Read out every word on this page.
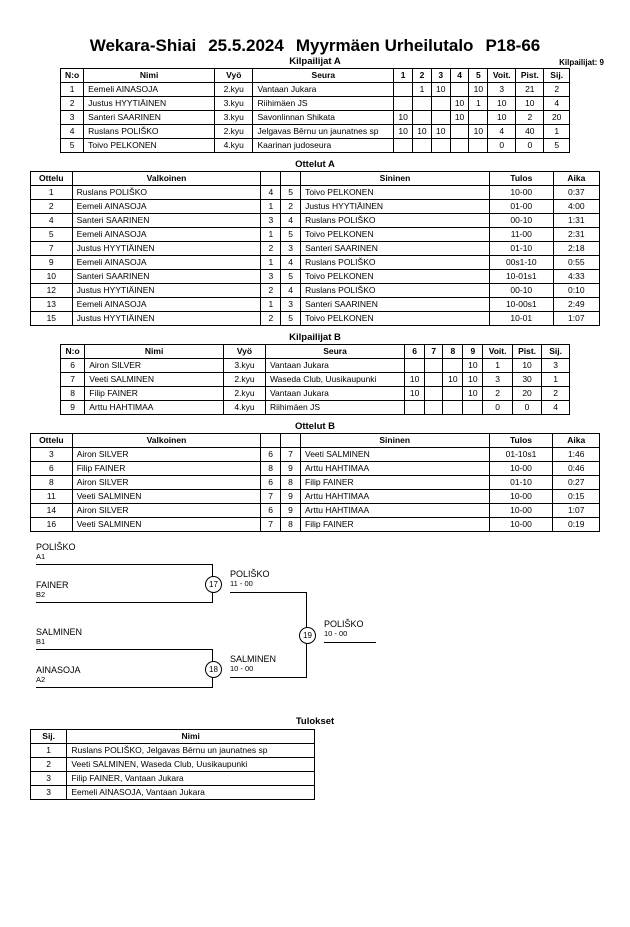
Wekara-Shiai 25.5.2024 Myyrmäen Urheilutalo P18-66
Kilpailijat A	Kilpailijat: 9
N:o	Nimi	Vyö	Seura	1	2	3	4	5	Voit.	Pist.	Sij.
1	Eemeli AINASOJA	2.kyu	Vantaan Jukara		1	10		10	3	21	2
2	Justus HYYTIÄINEN	3.kyu	Riihimäen JS				10	1	10	10	4
3	Santeri SAARINEN	3.kyu	Savonlinnan Shikata	10			10		10	2	20
4	Ruslans POLIŠKO	2.kyu	Jelgavas Bērnu un jaunatnes sp	10	10	10		10	4	40	1
5	Toivo PELKONEN	4.kyu	Kaarinan judoseura						0	0	5
Ottelut A
Ottelu	Valkoinen			Sininen	Tulos	Aika
1	Ruslans POLIŠKO	4	5	Toivo PELKONEN	10-00	0:37
2	Eemeli AINASOJA	1	2	Justus HYYTIÄINEN	01-00	4:00
4	Santeri SAARINEN	3	4	Ruslans POLIŠKO	00-10	1:31
5	Eemeli AINASOJA	1	5	Toivo PELKONEN	11-00	2:31
7	Justus HYYTIÄINEN	2	3	Santeri SAARINEN	01-10	2:18
9	Eemeli AINASOJA	1	4	Ruslans POLIŠKO	00s1-10	0:55
10	Santeri SAARINEN	3	5	Toivo PELKONEN	10-01s1	4:33
12	Justus HYYTIÄINEN	2	4	Ruslans POLIŠKO	00-10	0:10
13	Eemeli AINASOJA	1	3	Santeri SAARINEN	10-00s1	2:49
15	Justus HYYTIÄINEN	2	5	Toivo PELKONEN	10-01	1:07
Kilpailijat B
N:o	Nimi	Vyö	Seura	6	7	8	9	Voit.	Pist.	Sij.
6	Airon SILVER	3.kyu	Vantaan Jukara				10	1	10	3
7	Veeti SALMINEN	2.kyu	Waseda Club, Uusikaupunki	10		10	10	3	30	1
8	Filip FAINER	2.kyu	Vantaan Jukara	10			10	2	20	2
9	Arttu HAHTIMAA	4.kyu	Riihimäen JS					0	0	4
Ottelut B
Ottelu	Valkoinen			Sininen	Tulos	Aika
3	Airon SILVER	6	7	Veeti SALMINEN	01-10s1	1:46
6	Filip FAINER	8	9	Arttu HAHTIMAA	10-00	0:46
8	Airon SILVER	6	8	Filip FAINER	01-10	0:27
11	Veeti SALMINEN	7	9	Arttu HAHTIMAA	10-00	0:15
14	Airon SILVER	6	9	Arttu HAHTIMAA	10-00	1:07
16	Veeti SALMINEN	7	8	Filip FAINER	10-00	0:19
POLIŠKO
A1
FAINER
B2
17
POLIŠKO
11 - 00
SALMINEN
B1
AINASOJA
A2
18
SALMINEN
10 - 00
19
POLIŠKO
10 - 00
Tulokset
Sij.	Nimi
1	Ruslans POLIŠKO, Jelgavas Bērnu un jaunatnes sp
2	Veeti SALMINEN, Waseda Club, Uusikaupunki
3	Filip FAINER, Vantaan Jukara
3	Eemeli AINASOJA, Vantaan Jukara
